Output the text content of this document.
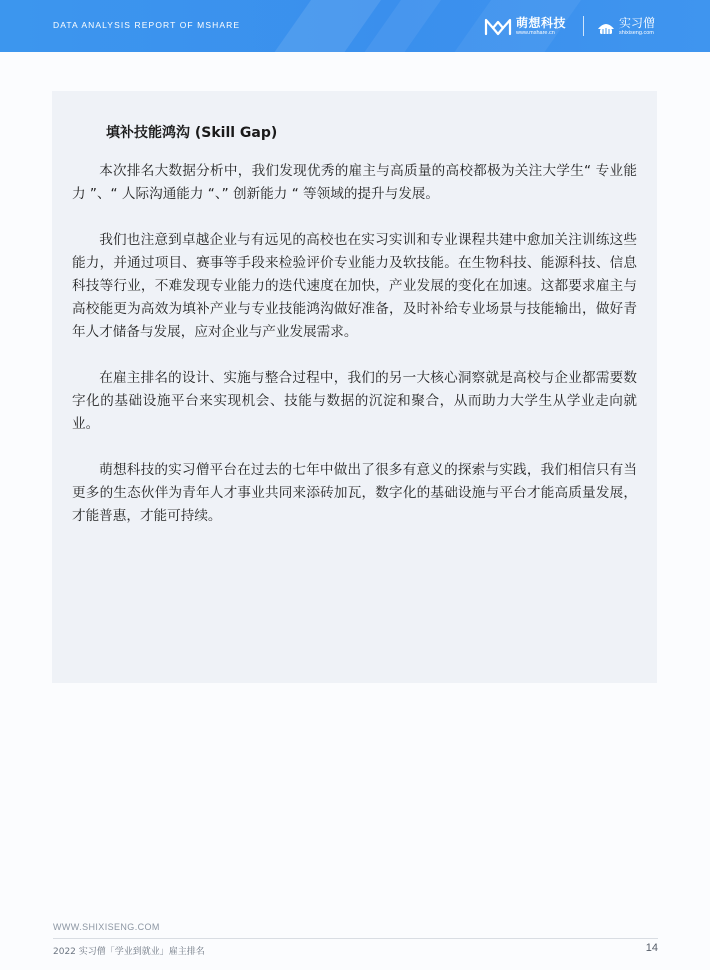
DATA ANALYSIS REPORT OF MSHARE	萌想科技
www.mshare.cn
实习僧
shixiseng.com
填补技能鸿沟 (Skill Gap)

本次排名大数据分析中，我们发现优秀的雇主与高质量的高校都极为关注大学生“ 专业能力 ”、“ 人际沟通能力 “、” 创新能力 “ 等领域的提升与发展。

我们也注意到卓越企业与有远见的高校也在实习实训和专业课程共建中愈加关注训练这些能力，并通过项目、赛事等手段来检验评价专业能力及软技能。在生物科技、能源科技、信息科技等行业，不难发现专业能力的迭代速度在加快，产业发展的变化在加速。这都要求雇主与高校能更为高效为填补产业与专业技能鸿沟做好准备，及时补给专业场景与技能输出，做好青年人才储备与发展，应对企业与产业发展需求。

在雇主排名的设计、实施与整合过程中，我们的另一大核心洞察就是高校与企业都需要数字化的基础设施平台来实现机会、技能与数据的沉淀和聚合，从而助力大学生从学业走向就业。

萌想科技的实习僧平台在过去的七年中做出了很多有意义的探索与实践，我们相信只有当更多的生态伙伴为青年人才事业共同来添砖加瓦，数字化的基础设施与平台才能高质量发展，才能普惠，才能可持续。

WWW.SHIXISENG.COM
2022 实习僧「学业到就业」雇主排名	14
